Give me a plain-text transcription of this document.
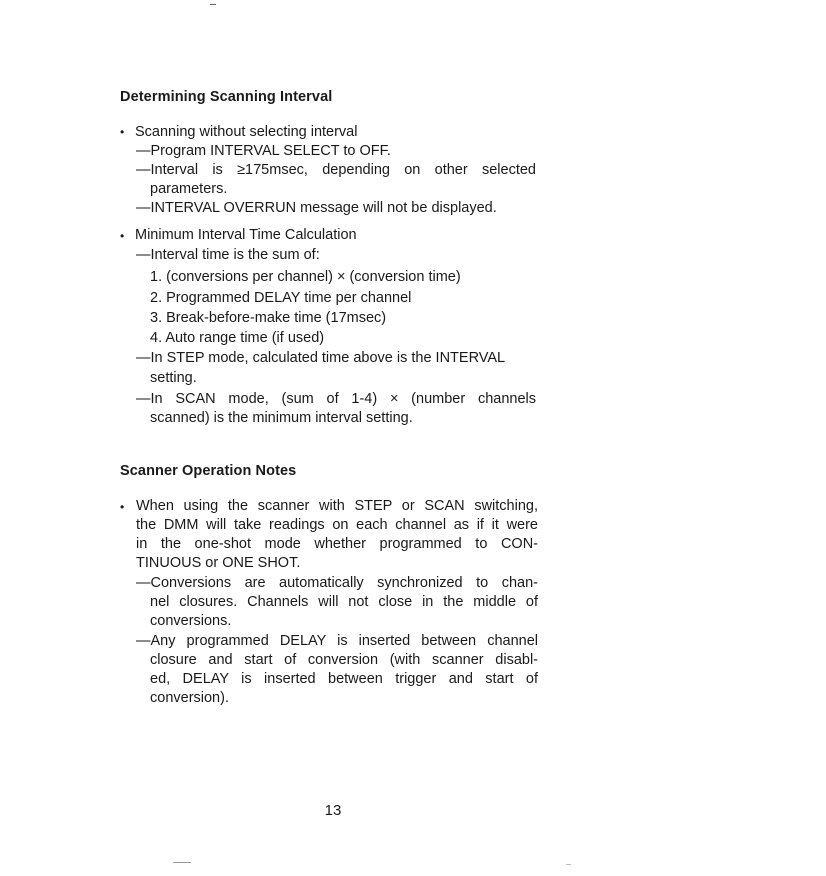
Determining Scanning Interval
• Scanning without selecting interval
—Program INTERVAL SELECT to OFF.
—Interval is ≥175msec, depending on other selected
parameters.
—INTERVAL OVERRUN message will not be displayed.
• Minimum Interval Time Calculation
—Interval time is the sum of:
1. (conversions per channel) × (conversion time)
2. Programmed DELAY time per channel
3. Break-before-make time (17msec)
4. Auto range time (if used)
—In STEP mode, calculated time above is the INTERVAL
setting.
—In SCAN mode, (sum of 1-4) × (number channels
scanned) is the minimum interval setting.
Scanner Operation Notes
• When using the scanner with STEP or SCAN switching,
the DMM will take readings on each channel as if it were
in the one-shot mode whether programmed to CON-
TINUOUS or ONE SHOT.
—Conversions are automatically synchronized to chan-
nel closures. Channels will not close in the middle of
conversions.
—Any programmed DELAY is inserted between channel
closure and start of conversion (with scanner disabl-
ed, DELAY is inserted between trigger and start of
conversion).
13
